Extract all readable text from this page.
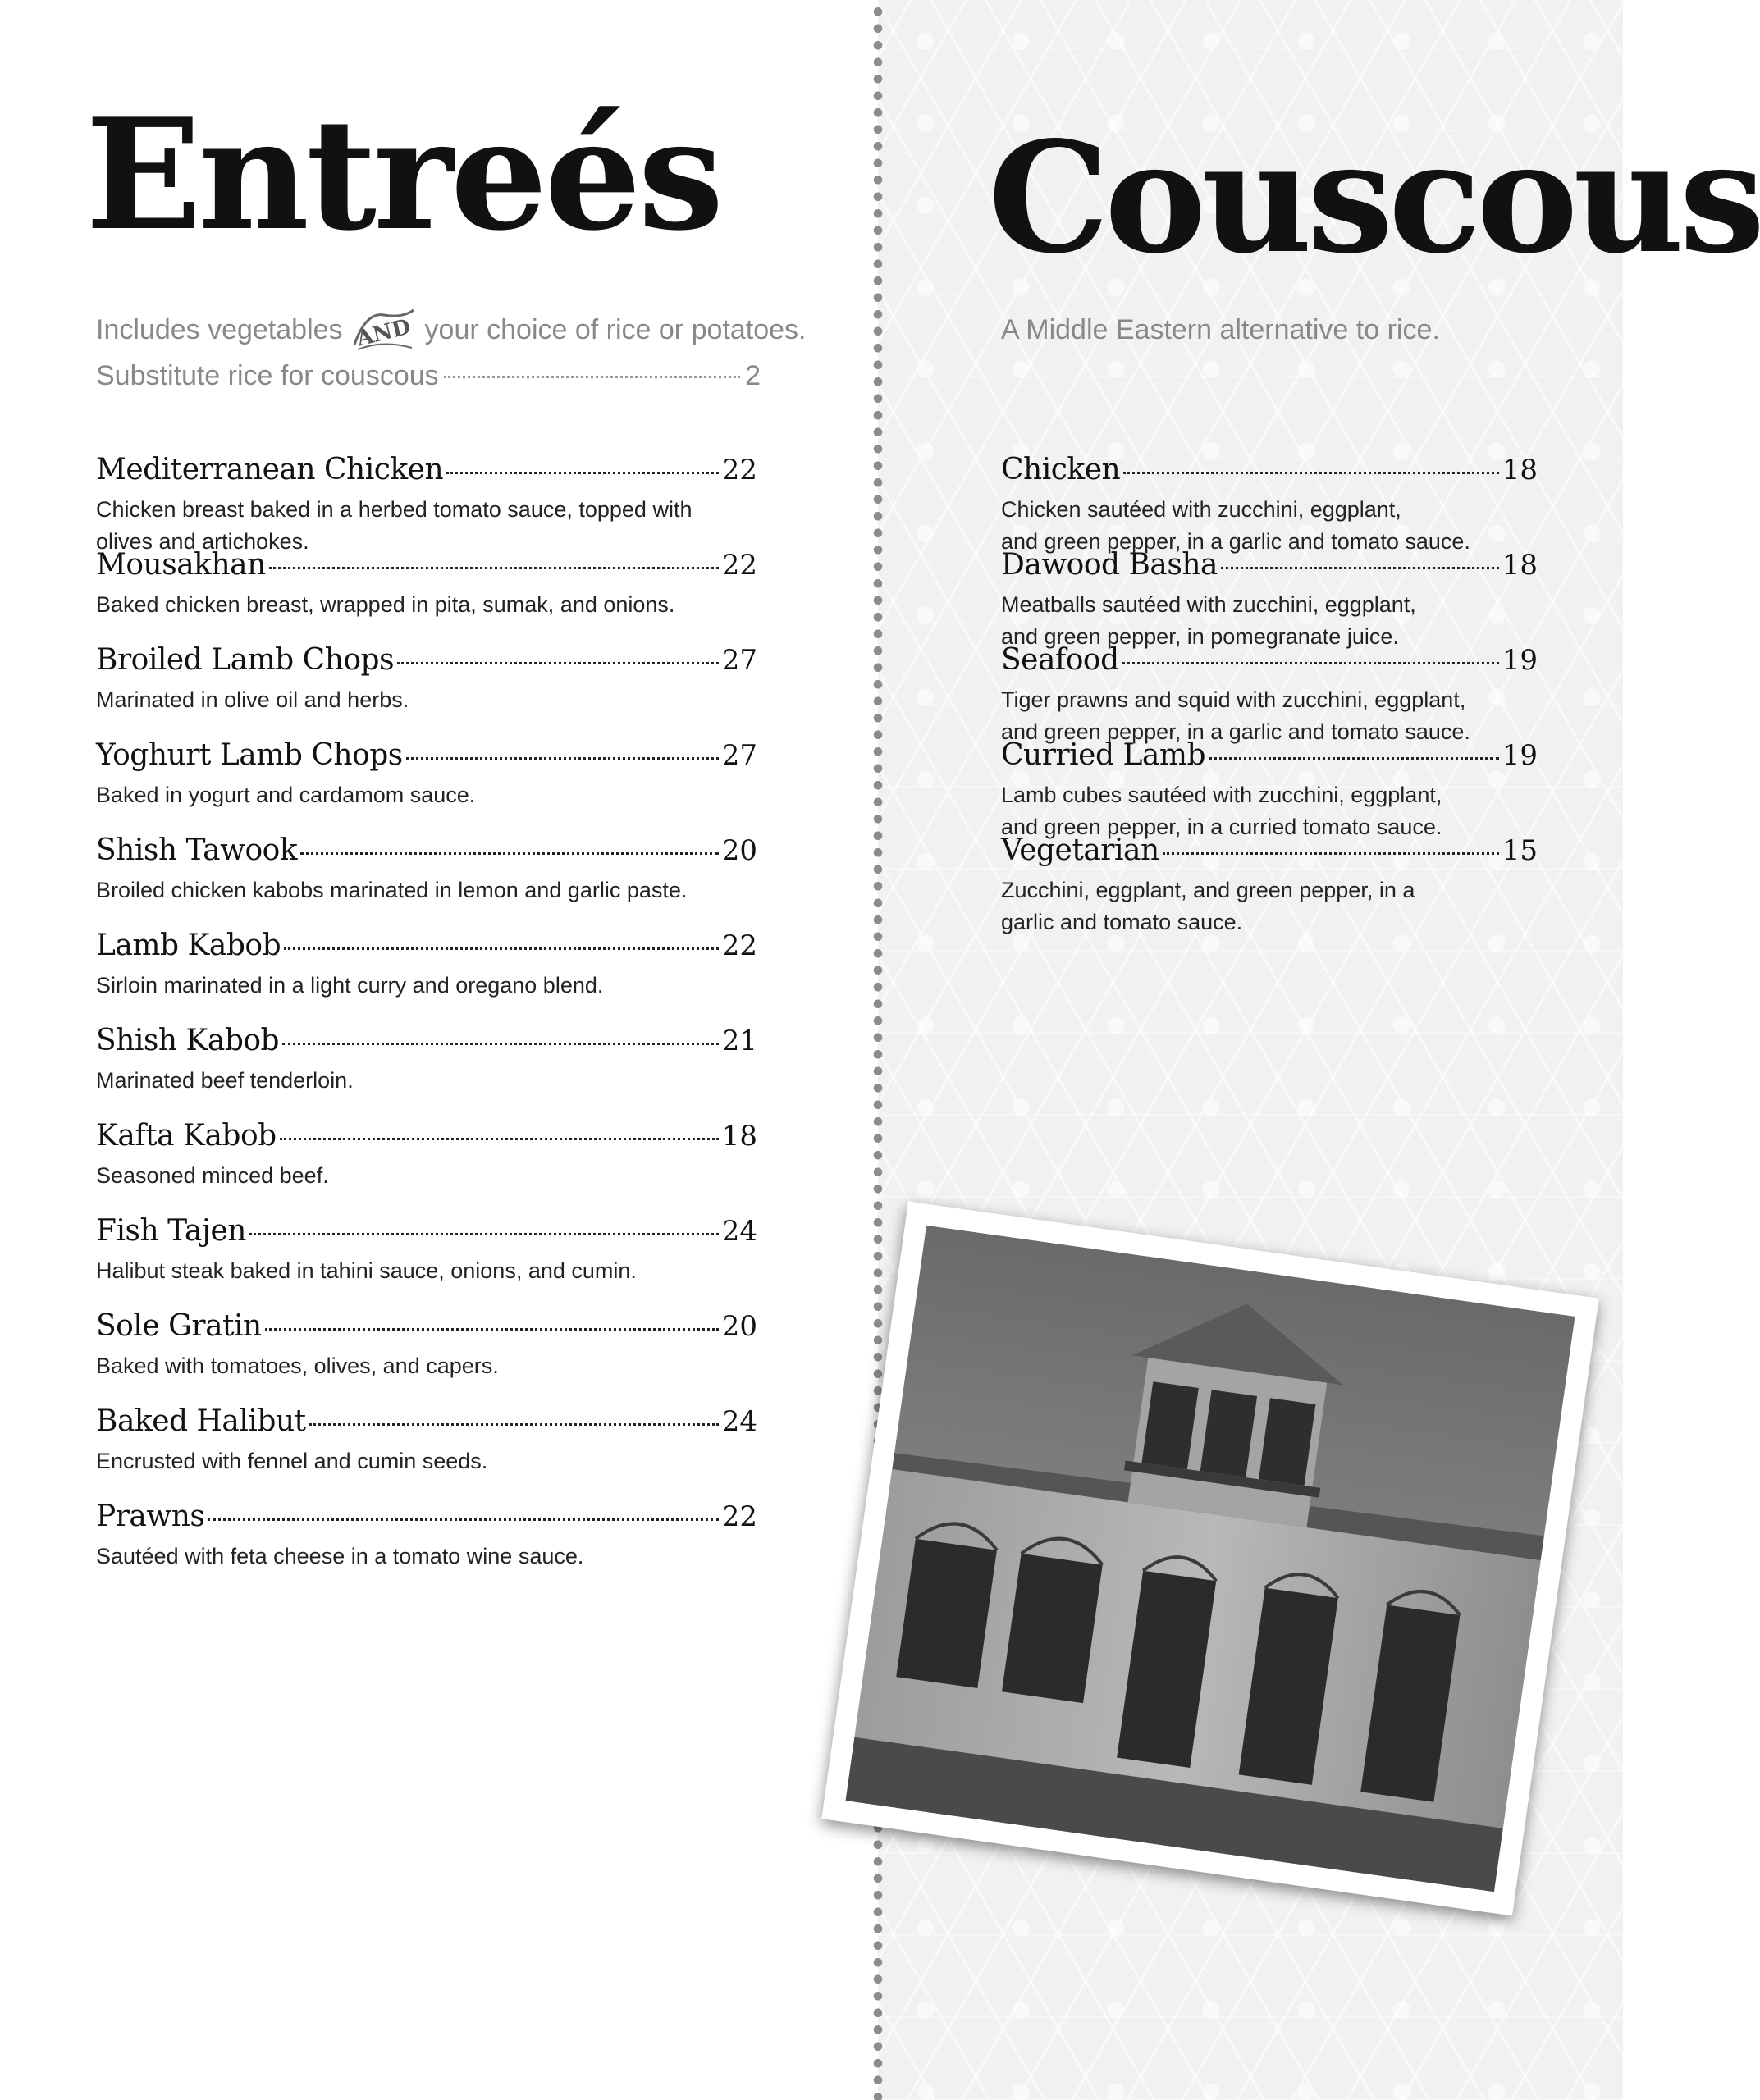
Entreés
Includes vegetables AND your choice of rice or potatoes.
Substitute rice for couscous	2
Mediterranean Chicken	22

Chicken breast baked in a herbed tomato sauce, topped with
olives and artichokes.

Mousakhan	22

Baked chicken breast, wrapped in pita, sumak, and onions.

Broiled Lamb Chops	27

Marinated in olive oil and herbs.

Yoghurt Lamb Chops	27

Baked in yogurt and cardamom sauce.

Shish Tawook	20

Broiled chicken kabobs marinated in lemon and garlic paste.

Lamb Kabob	22

Sirloin marinated in a light curry and oregano blend.

Shish Kabob	21

Marinated beef tenderloin.

Kafta Kabob	18

Seasoned minced beef.

Fish Tajen	24

Halibut steak baked in tahini sauce, onions, and cumin.

Sole Gratin	20

Baked with tomatoes, olives, and capers.

Baked Halibut	24

Encrusted with fennel and cumin seeds.

Prawns	22

Sautéed with feta cheese in a tomato wine sauce.

Couscous
A Middle Eastern alternative to rice.
Chicken	18

Chicken sautéed with zucchini, eggplant,
and green pepper, in a garlic and tomato sauce.

Dawood Basha	18

Meatballs sautéed with zucchini, eggplant,
and green pepper, in pomegranate juice.

Seafood	19

Tiger prawns and squid with zucchini, eggplant,
and green pepper, in a garlic and tomato sauce.

Curried Lamb	19

Lamb cubes sautéed with zucchini, eggplant,
and green pepper, in a curried tomato sauce.

Vegetarian	15

Zucchini, eggplant, and green pepper, in a
garlic and tomato sauce.
